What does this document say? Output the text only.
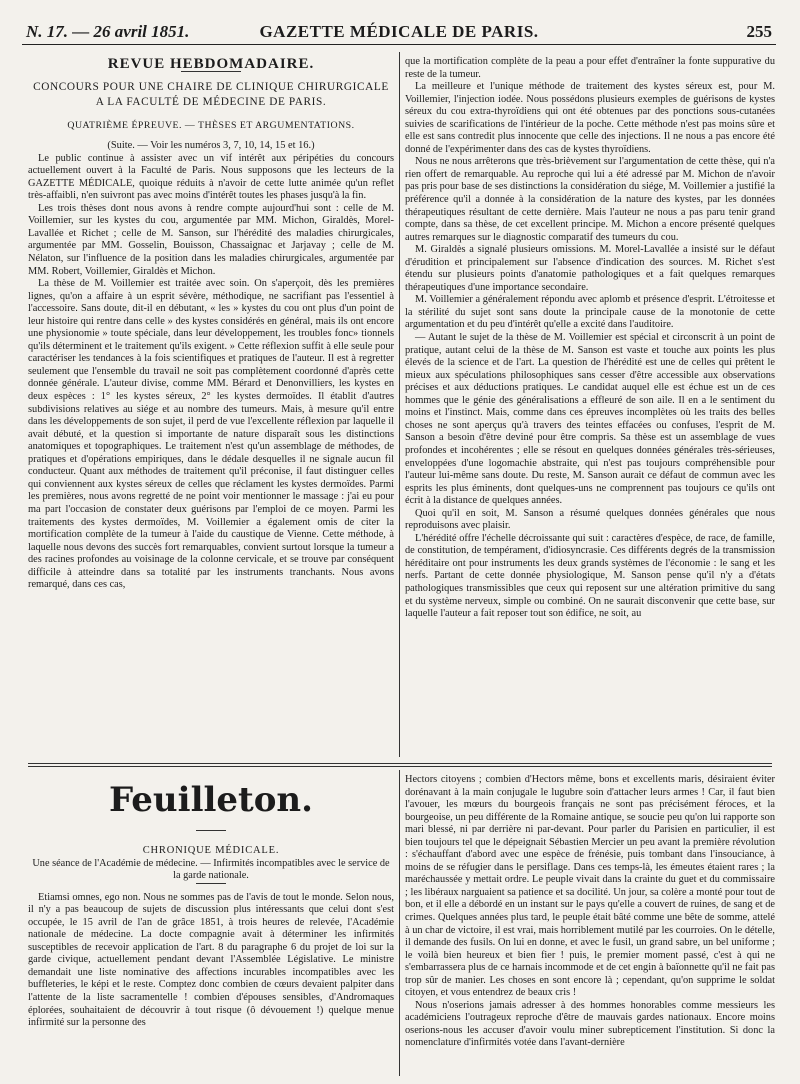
N. 17. — 26 avril 1851.	GAZETTE MÉDICALE DE PARIS.	255

REVUE HEBDOMADAIRE.

CONCOURS POUR UNE CHAIRE DE CLINIQUE CHIRURGICALE
A LA FACULTÉ DE MÉDECINE DE PARIS.
QUATRIÈME ÉPREUVE. — THÈSES ET ARGUMENTATIONS.

(Suite. — Voir les numéros 3, 7, 10, 14, 15 et 16.)

Le public continue à assister avec un vif intérêt aux péripéties du concours actuellement ouvert à la Faculté de Paris. Nous supposons que les lecteurs de la GAZETTE MÉDICALE, quoique réduits à n'avoir de cette lutte animée qu'un reflet très-affaibli, n'en suivront pas avec moins d'intérêt toutes les phases jusqu'à la fin.

Les trois thèses dont nous avons à rendre compte aujourd'hui sont : celle de M. Voillemier, sur les kystes du cou, argumentée par MM. Michon, Giraldès, Morel-Lavallée et Richet ; celle de M. Sanson, sur l'hérédité des maladies chirurgicales, argumentée par MM. Gosselin, Bouisson, Chassaignac et Jarjavay ; celle de M. Nélaton, sur l'influence de la position dans les maladies chirurgicales, argumentée par MM. Robert, Voillemier, Giraldès et Michon.

La thèse de M. Voillemier est traitée avec soin. On s'aperçoit, dès les premières lignes, qu'on a affaire à un esprit sévère, méthodique, ne sacrifiant pas l'essentiel à l'accessoire. Sans doute, dit-il en débutant, « les » kystes du cou ont plus d'un point de leur histoire qui rentre dans celle » des kystes considérés en général, mais ils ont encore une physionomie » toute spéciale, dans leur développement, les troubles fonc» tionnels qu'ils déterminent et le traitement qu'ils exigent. » Cette réflexion suffit à elle seule pour caractériser les tendances à la fois scientifiques et pratiques de l'auteur. Il est à regretter seulement que l'ensemble du travail ne soit pas complètement coordonné d'après cette donnée générale. L'auteur divise, comme MM. Bérard et Denonvilliers, les kystes en deux espèces : 1° les kystes séreux, 2° les kystes dermoïdes. Il établit d'autres subdivisions relatives au siége et au nombre des tumeurs. Mais, à mesure qu'il entre dans les développements de son sujet, il perd de vue l'excellente réflexion par laquelle il avait débuté, et la question si importante de nature disparaît sous les distinctions anatomiques et topographiques. Le traitement n'est qu'un assemblage de méthodes, de pratiques et d'opérations empiriques, dans le dédale desquelles il ne signale aucun fil conducteur. Quant aux méthodes de traitement qu'il préconise, il faut distinguer celles qui conviennent aux kystes séreux de celles que réclament les kystes dermoïdes. Parmi les premières, nous avons regretté de ne point voir mentionner le massage : j'ai eu pour ma part l'occasion de constater deux guérisons par l'emploi de ce moyen. Parmi les traitements des kystes dermoïdes, M. Voillemier a également omis de citer la mortification complète de la tumeur à l'aide du caustique de Vienne. Cette méthode, à laquelle nous devons des succès fort remarquables, convient surtout lorsque la tumeur a des racines profondes au voisinage de la colonne cervicale, et se trouve par conséquent difficile à atteindre dans sa totalité par les instruments tranchants. Nous avons remarqué, dans ces cas,

que la mortification complète de la peau a pour effet d'entraîner la fonte suppurative du reste de la tumeur.

La meilleure et l'unique méthode de traitement des kystes séreux est, pour M. Voillemier, l'injection iodée. Nous possédons plusieurs exemples de guérisons de kystes séreux du cou extra-thyroïdiens qui ont été obtenues par des ponctions sous-cutanées suivies de scarifications de l'intérieur de la poche. Cette méthode n'est pas moins sûre et elle est sans contredit plus innocente que celle des injections. Il ne nous a pas encore été donné de l'expérimenter dans des cas de kystes thyroïdiens.

Nous ne nous arrêterons que très-brièvement sur l'argumentation de cette thèse, qui n'a rien offert de remarquable. Au reproche qui lui a été adressé par M. Michon de n'avoir pas pris pour base de ses distinctions la considération du siége, M. Voillemier a justifié la préférence qu'il a donnée à la considération de la nature des kystes, par les données thérapeutiques résultant de cette dernière. Mais l'auteur ne nous a pas paru tenir grand compte, dans sa thèse, de cet excellent principe. M. Michon a encore présenté quelques autres remarques sur le diagnostic comparatif des tumeurs du cou.

M. Giraldès a signalé plusieurs omissions. M. Morel-Lavallée a insisté sur le défaut d'érudition et principalement sur l'absence d'indication des sources. M. Richet s'est étendu sur plusieurs points d'anatomie pathologiques et a fait quelques remarques thérapeutiques d'une importance secondaire.

M. Voillemier a généralement répondu avec aplomb et présence d'esprit. L'étroitesse et la stérilité du sujet sont sans doute la principale cause de la monotonie de cette argumentation et du peu d'intérêt qu'elle a excité dans l'auditoire.

— Autant le sujet de la thèse de M. Voillemier est spécial et circonscrit à un point de pratique, autant celui de la thèse de M. Sanson est vaste et touche aux points les plus élevés de la science et de l'art. La question de l'hérédité est une de celles qui prêtent le mieux aux spéculations philosophiques sans cesser d'être accessible aux observations précises et aux déductions pratiques. Le candidat auquel elle est échue est un de ces hommes que le génie des généralisations a effleuré de son aile. Il en a le sentiment du moins et l'instinct. Mais, comme dans ces épreuves incomplètes où les traits des belles choses ne sont aperçus qu'à travers des teintes effacées ou confuses, l'esprit de M. Sanson a besoin d'être deviné pour être compris. Sa thèse est un assemblage de vues profondes et incohérentes ; elle se résout en quelques données générales très-sérieuses, enveloppées d'une logomachie abstraite, qui n'est pas toujours compréhensible pour l'auteur lui-même sans doute. Du reste, M. Sanson aurait ce défaut de commun avec les esprits les plus éminents, dont quelques-uns ne comprennent pas toujours ce qu'ils ont écrit à la distance de quelques années.

Quoi qu'il en soit, M. Sanson a résumé quelques données générales que nous reproduisons avec plaisir.

L'hérédité offre l'échelle décroissante qui suit : caractères d'espèce, de race, de famille, de constitution, de tempérament, d'idiosyncrasie. Ces différents degrés de la transmission héréditaire ont pour instruments les deux grands systèmes de l'économie : le sang et les nerfs. Partant de cette donnée physiologique, M. Sanson pense qu'il n'y a d'états pathologiques transmissibles que ceux qui reposent sur une altération primitive du sang et du système nerveux, simple ou combiné. On ne saurait disconvenir que cette base, sur laquelle l'auteur a fait reposer tout son édifice, ne soit, au

Feuilleton.

CHRONIQUE MÉDICALE.

Une séance de l'Académie de médecine. — Infirmités incompatibles avec le service de la garde nationale.

Etiamsi omnes, ego non. Nous ne sommes pas de l'avis de tout le monde. Selon nous, il n'y a pas beaucoup de sujets de discussion plus intéressants que celui dont s'est occupée, le 15 avril de l'an de grâce 1851, à trois heures de relevée, l'Académie nationale de médecine. La docte compagnie avait à déterminer les infirmités susceptibles de recevoir application de l'art. 8 du paragraphe 6 du projet de loi sur la garde civique, actuellement pendant devant l'Assemblée Législative. Le ministre demandait une liste nominative des affections incurables incompatibles avec les buffleteries, le képi et le reste. Comptez donc combien de cœurs devaient palpiter dans l'attente de la liste sacramentelle ! combien d'épouses sensibles, d'Andromaques éplorées, souhaitaient de découvrir à tout risque (ô dévouement !) quelque menue infirmité sur la personne des

Hectors citoyens ; combien d'Hectors même, bons et excellents maris, désiraient éviter dorénavant à la main conjugale le lugubre soin d'attacher leurs armes ! Car, il faut bien l'avouer, les mœurs du bourgeois français ne sont pas précisément féroces, et la bourgeoise, un peu différente de la Romaine antique, se soucie peu qu'on lui rapporte son mari blessé, ni par derrière ni par-devant. Pour parler du Parisien en particulier, il est bien toujours tel que le dépeignait Sébastien Mercier un peu avant la première révolution : s'échauffant d'abord avec une espèce de frénésie, puis tombant dans l'insouciance, à moins de se réfugier dans le persiflage. Dans ces temps-là, les émeutes étaient rares ; la maréchaussée y mettait ordre. Le peuple vivait dans la crainte du guet et du commissaire ; les libéraux narguaient sa patience et sa docilité. Un jour, sa colère a monté pour tout de bon, et il elle a débordé en un instant sur le pays qu'elle a couvert de ruines, de sang et de crimes. Quelques années plus tard, le peuple était bâté comme une bête de somme, attelé à un char de victoire, il est vrai, mais horriblement mutilé par les courroies. On le dételle, il demande des fusils. On lui en donne, et avec le fusil, un grand sabre, un bel uniforme ; le voilà bien heureux et bien fier ! puis, le premier moment passé, c'est à qui ne s'embarrassera plus de ce harnais incommode et de cet engin à baïonnette qu'il ne fait pas trop sûr de manier. Les choses en sont encore là ; cependant, qu'on supprime le soldat citoyen, et vous entendrez de beaux cris !

Nous n'oserions jamais adresser à des hommes honorables comme messieurs les académiciens l'outrageux reproche d'être de mauvais gardes nationaux. Encore moins oserions-nous les accuser d'avoir voulu miner subrepticement l'institution. Si donc la nomenclature d'infirmités votée dans l'avant-dernière
